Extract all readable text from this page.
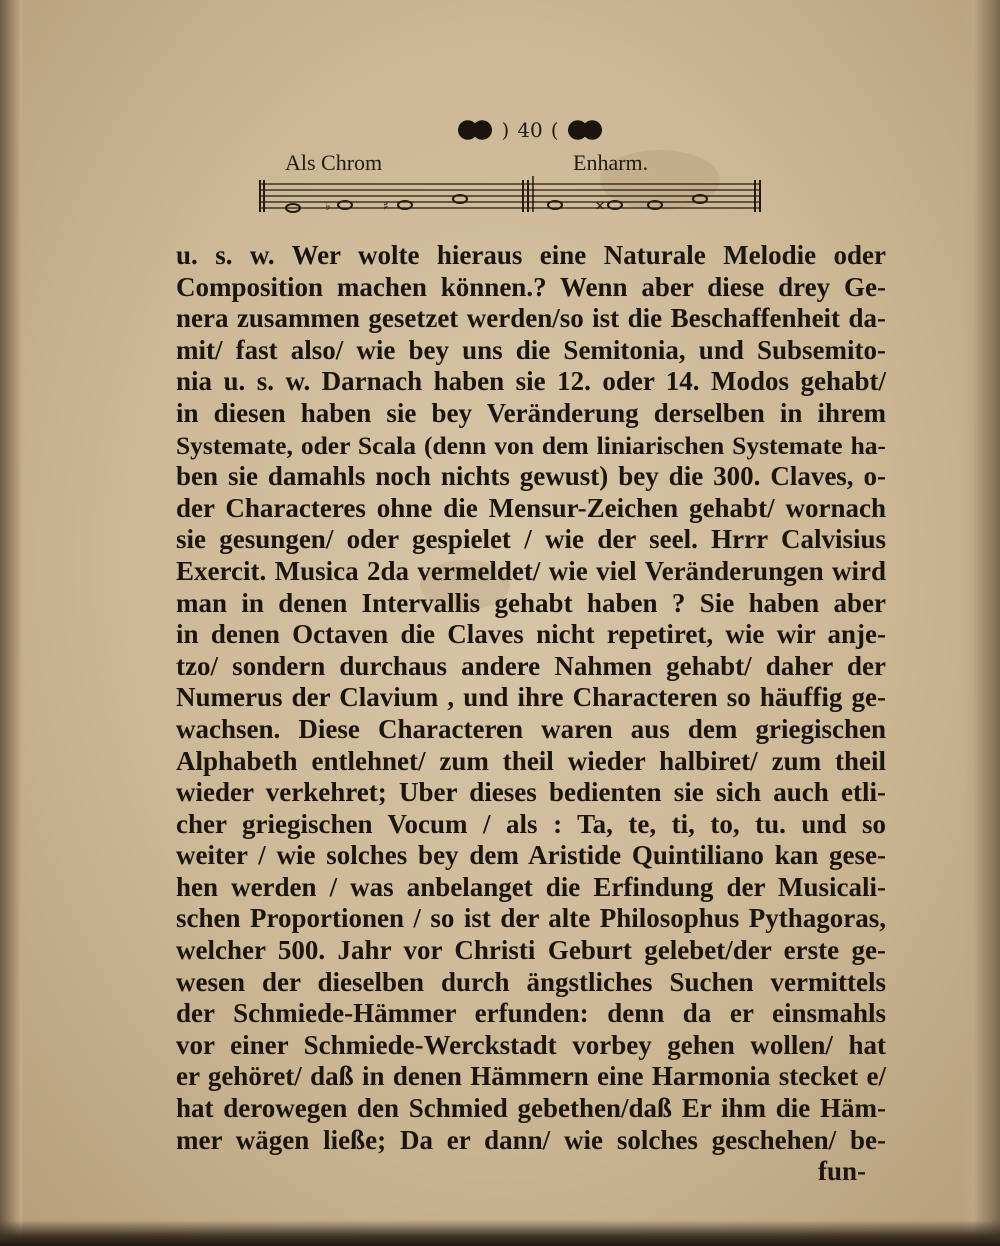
) 40 (
Als Chrom	Enharm.
♭	♯	✕
u. s. w. Wer wolte hieraus eine Naturale Melodie oder
Composition machen können.? Wenn aber diese drey Ge-
nera zusammen gesetzet werden/so ist die Beschaffenheit da-
mit/ fast also/ wie bey uns die Semitonia, und Subsemito-
nia u. s. w. Darnach haben sie 12. oder 14. Modos gehabt/
in diesen haben sie bey Veränderung derselben in ihrem
Systemate, oder Scala (denn von dem liniarischen Systemate ha-
ben sie damahls noch nichts gewust) bey die 300. Claves, o-
der Characteres ohne die Mensur-Zeichen gehabt/ wornach
sie gesungen/ oder gespielet / wie der seel. Hrrr Calvisius
Exercit. Musica 2da vermeldet/ wie viel Veränderungen wird
man in denen Intervallis gehabt haben ? Sie haben aber
in denen Octaven die Claves nicht repetiret, wie wir anje-
tzo/ sondern durchaus andere Nahmen gehabt/ daher der
Numerus der Clavium , und ihre Characteren so häuffig ge-
wachsen. Diese Characteren waren aus dem griegischen
Alphabeth entlehnet/ zum theil wieder halbiret/ zum theil
wieder verkehret; Uber dieses bedienten sie sich auch etli-
cher griegischen Vocum / als : Ta, te, ti, to, tu. und so
weiter / wie solches bey dem Aristide Quintiliano kan gese-
hen werden / was anbelanget die Erfindung der Musicali-
schen Proportionen / so ist der alte Philosophus Pythagoras,
welcher 500. Jahr vor Christi Geburt gelebet/der erste ge-
wesen der dieselben durch ängstliches Suchen vermittels
der Schmiede-Hämmer erfunden: denn da er einsmahls
vor einer Schmiede-Werckstadt vorbey gehen wollen/ hat
er gehöret/ daß in denen Hämmern eine Harmonia stecket e/
hat derowegen den Schmied gebethen/daß Er ihm die Häm-
mer wägen ließe; Da er dann/ wie solches geschehen/ be-
fun-
